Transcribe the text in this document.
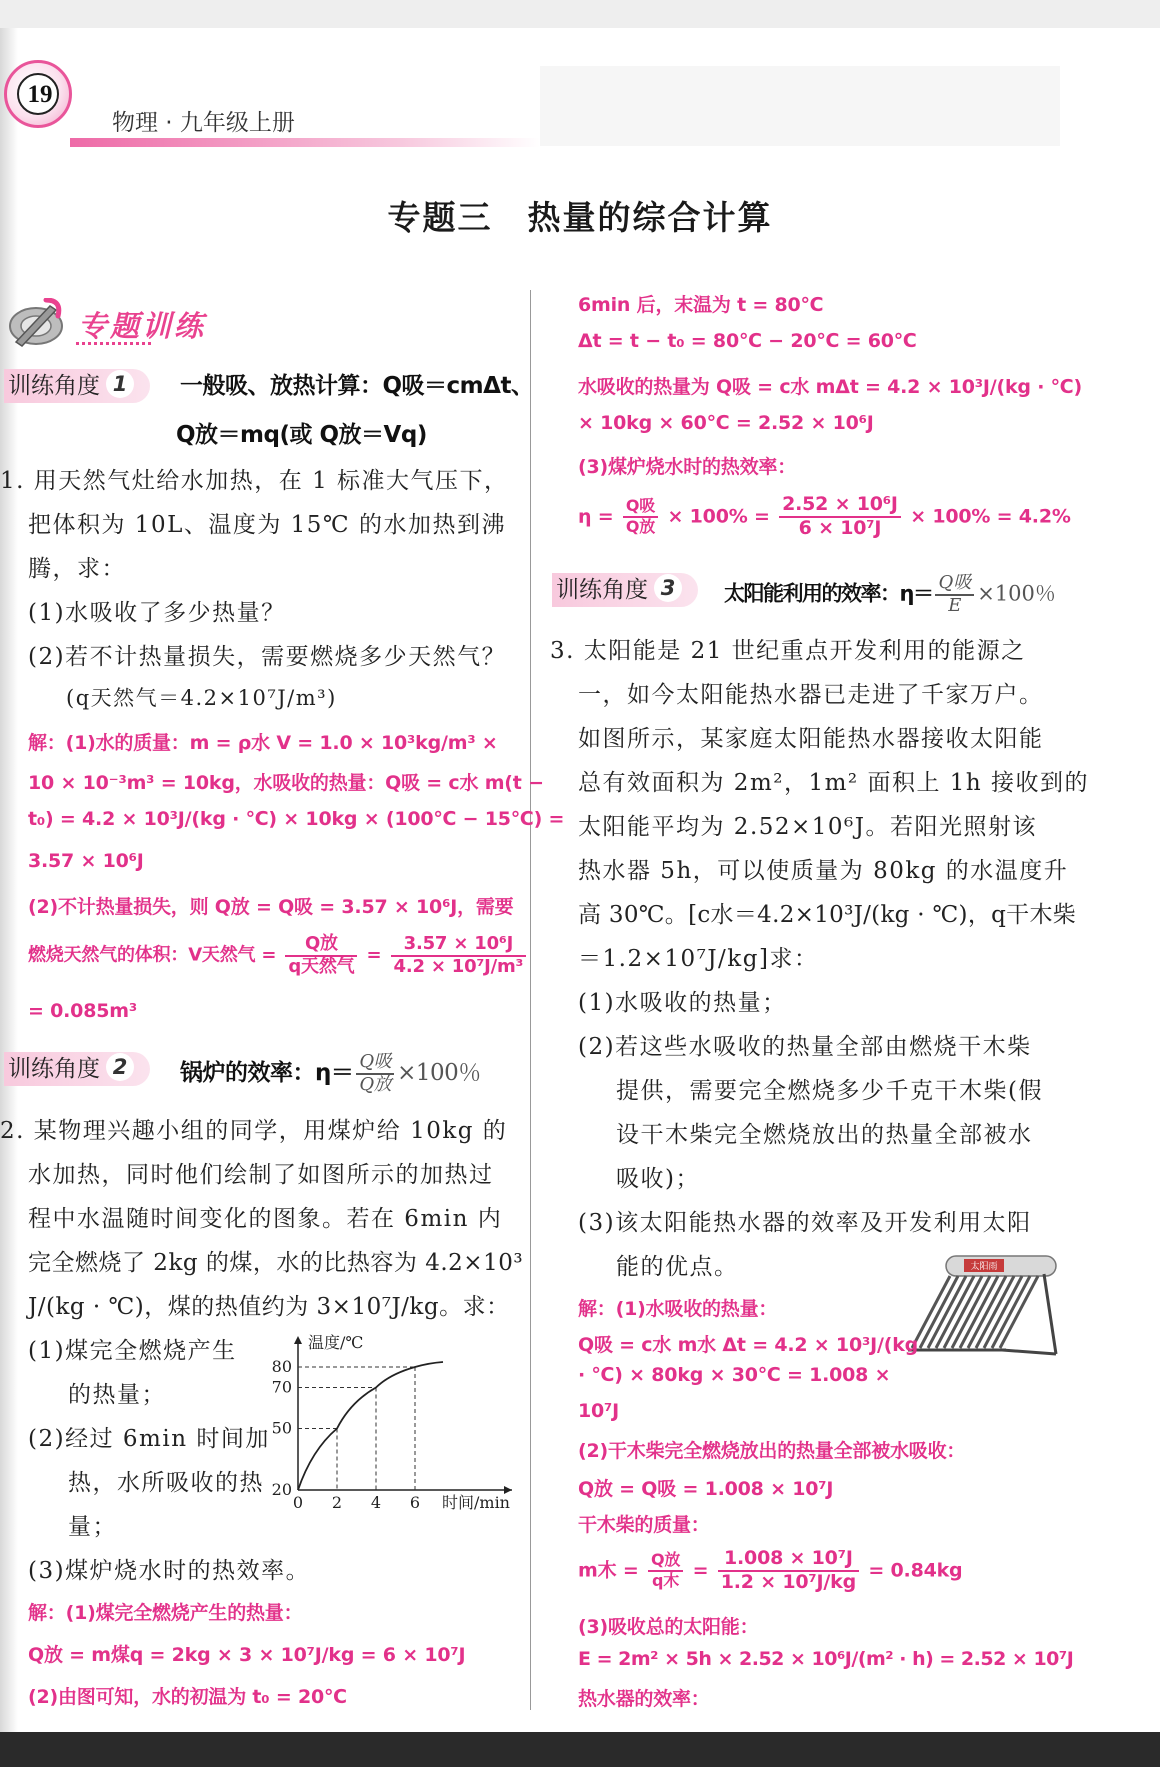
19
物理 · 九年级上册
专题三　热量的综合计算
专题训练
训练角度 1	一般吸、放热计算：Q吸＝cmΔt、
Q放＝mq(或 Q放＝Vq)
1. 用天然气灶给水加热，在 1 标准大气压下，
把体积为 10L、温度为 15℃ 的水加热到沸
腾，求：
(1)水吸收了多少热量？
(2)若不计热量损失，需要燃烧多少天然气？
(q天然气＝4.2×10⁷J/m³)
解：(1)水的质量：m = ρ水 V = 1.0 × 10³kg/m³ ×
10 × 10⁻³m³ = 10kg，水吸收的热量：Q吸 = c水 m(t −
t₀) = 4.2 × 10³J/(kg · ℃) × 10kg × (100℃ − 15℃) =
3.57 × 10⁶J
(2)不计热量损失，则 Q放 = Q吸 = 3.57 × 10⁶J，需要
燃烧天然气的体积：V天然气 = $\frac{\text{Q放}}{\text{q天然气}} = \frac{\text{3.57 × 10⁶J}}{\text{4.2 × 10⁷J/m³}}$
= 0.085m³
训练角度 2	锅炉的效率：$\eta= \frac{\text{Q吸}}{\text{Q放}} \times 100$％
2. 某物理兴趣小组的同学，用煤炉给 10kg 的
水加热，同时他们绘制了如图所示的加热过
程中水温随时间变化的图象。若在 6min 内
完全燃烧了 2kg 的煤，水的比热容为 4.2×10³
J/(kg · ℃)，煤的热值约为 3×10⁷J/kg。求：
(1)煤完全燃烧产生
的热量；
(2)经过 6min 时间加
热，水所吸收的热
量；
(3)煤炉烧水时的热效率。
0 2 4 6
20
50
70
80
时间/min
温度/℃
解：(1)煤完全燃烧产生的热量：
Q放 = m煤q = 2kg × 3 × 10⁷J/kg = 6 × 10⁷J
(2)由图可知，水的初温为 t₀ = 20℃
6min 后，末温为 t = 80℃
Δt = t − t₀ = 80℃ − 20℃ = 60℃
水吸收的热量为 Q吸 = c水 mΔt = 4.2 × 10³J/(kg · ℃)
× 10kg × 60℃ = 2.52 × 10⁶J
(3)煤炉烧水时的热效率：
$\eta = \frac{\text{Q吸}}{\text{Q放}} \times 100\% = \frac{\text{2.52 × 10⁶J}}{\text{6 × 10⁷J}} \times 100\% = 4.2\%$
训练角度 3	太阳能利用的效率：$\eta= \frac{\text{Q吸}}{E} \times 100$％
3. 太阳能是 21 世纪重点开发利用的能源之
一，如今太阳能热水器已走进了千家万户。
如图所示，某家庭太阳能热水器接收太阳能
总有效面积为 2m²，1m² 面积上 1h 接收到的
太阳能平均为 2.52×10⁶J。若阳光照射该
热水器 5h，可以使质量为 80kg 的水温度升
高 30℃。[c水＝4.2×10³J/(kg · ℃)，q干木柴
＝1.2×10⁷J/kg]求：
(1)水吸收的热量；
(2)若这些水吸收的热量全部由燃烧干木柴
提供，需要完全燃烧多少千克干木柴(假
设干木柴完全燃烧放出的热量全部被水
吸收)；
(3)该太阳能热水器的效率及开发利用太阳
能的优点。	太阳雨
解：(1)水吸收的热量：
Q吸 = c水 m水 Δt = 4.2 × 10³J/(kg
· ℃) × 80kg × 30℃ = 1.008 ×
10⁷J
(2)干木柴完全燃烧放出的热量全部被水吸收：
Q放 = Q吸 = 1.008 × 10⁷J
干木柴的质量：
m木 = $\frac{\text{Q放}}{\text{q木}} = \frac{\text{1.008 × 10⁷J}}{\text{1.2 × 10⁷J/kg}} = 0.84kg$
(3)吸收总的太阳能：
E = 2m² × 5h × 2.52 × 10⁶J/(m² · h) = 2.52 × 10⁷J
热水器的效率：
